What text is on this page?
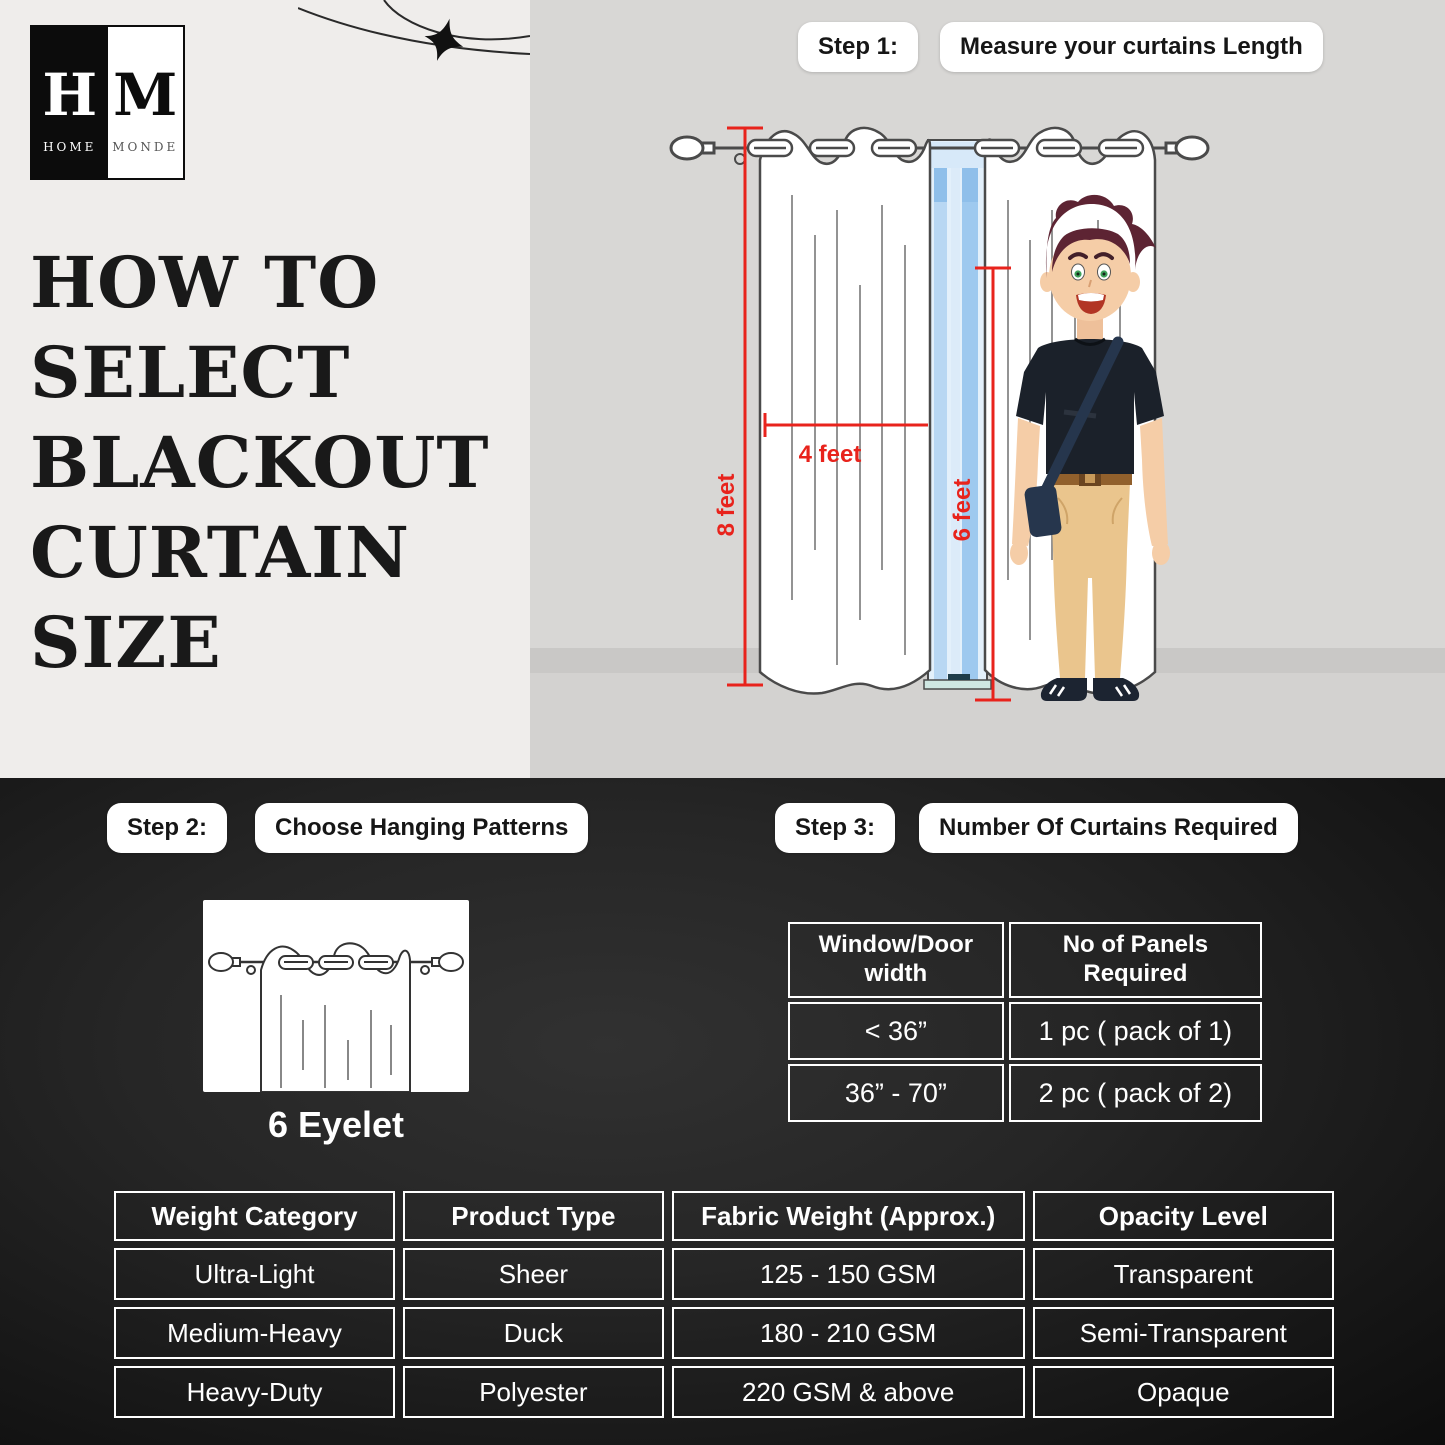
H
HOME
M
MONDE
HOW TO
SELECT
BLACKOUT
CURTAIN
SIZE
Step 1:	Measure your curtains Length
8 feet
4 feet
6 feet
Step 2:	Choose Hanging Patterns	Step 3:	Number Of Curtains Required
6 Eyelet
Window/Door width	No of Panels Required
< 36”	1 pc ( pack of 1)
36” - 70”	2 pc ( pack of 2)
Weight Category	Product Type	Fabric Weight (Approx.)	Opacity Level
Ultra-Light	Sheer	125 - 150 GSM	Transparent
Medium-Heavy	Duck	180 - 210 GSM	Semi-Transparent
Heavy-Duty	Polyester	220 GSM & above	Opaque
